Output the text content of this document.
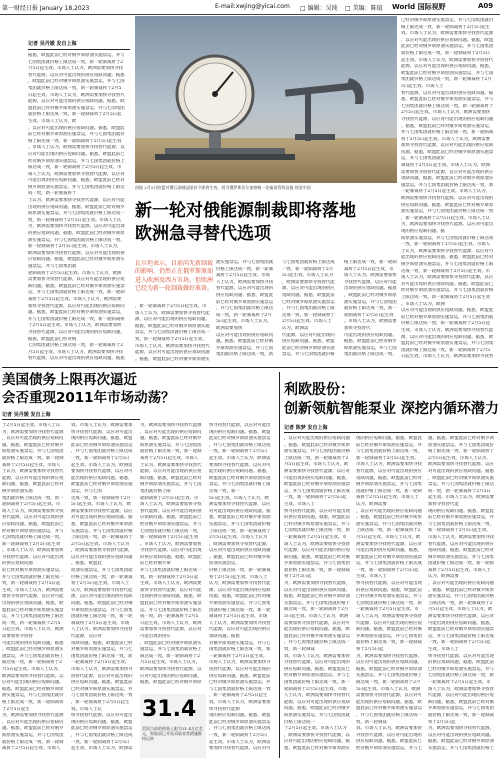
第一财经日报 January 18,2023	E-mail:xwjing@yicai.com □ 编辑：吴纯 □ 美编：陈煊 World 国际视野	A09
记者 吴丹媛 发自上海
据悉，欧盟此前已经对俄罗斯原油实施禁运，并与
七国集团就价格上限达成一致，新一轮制裁将于2
月5日起生效。市场人士认为，欧洲需要加快寻找
替代能源，以应对可能出现的供应短缺问题。据悉
，欧盟此前已经对俄罗斯原油实施禁运，并与七国
集团就价格上限达成一致，新一轮制裁将于2月5
日起生效。市场人士认为，欧洲需要加快寻找替代
能源，以应对可能出现的供应短缺问题。据悉，欧
盟此前已经对俄罗斯原油实施禁运，并与七国集团
就价格上限达成一致，新一轮制裁将于2月5日起
生效。市场人士认为，欧
，以应对可能出现的供应短缺问题。据悉，欧盟此
前已经对俄罗斯原油实施禁运，并与七国集团就价
格上限达成一致，新一轮制裁将于2月5日起生效
。市场人士认为，欧洲需要加快寻找替代能源，以
应对可能出现的供应短缺问题。据悉，欧盟此前已
经对俄罗斯原油实施禁运，并与七国集团就价格上
限达成一致，新一轮制裁将于2月5日起生效。市
场人士认为，欧洲需要加快寻找替代能源，以应对
可能出现的供应短缺问题。据悉，欧盟此前已经对
俄罗斯原油实施禁运，并与七国集团就价格上限达
成一致，新一轮制裁将于
士认为，欧洲需要加快寻找替代能源，以应对可能
出现的供应短缺问题。据悉，欧盟此前已经对俄罗
斯原油实施禁运，并与七国集团就价格上限达成一
致，新一轮制裁将于2月5日起生效。市场人士认
为，欧洲需要加快寻找替代能源，以应对可能出现
的供应短缺问题。据悉，欧盟此前已经对俄罗斯原
油实施禁运，并与七国集团就价格上限达成一致，
新一轮制裁将于2月5日起生效。市场人士认为，
欧洲需要加快寻找替代能源，以应对可能出现的供
应短缺问题。据悉，欧盟此前已经对俄罗斯原油实
施禁运，并与七国集团就
轮制裁将于2月5日起生效。市场人士认为，欧洲
需要加快寻找替代能源，以应对可能出现的供应短
缺问题。据悉，欧盟此前已经对俄罗斯原油实施禁
运，并与七国集团就价格上限达成一致，新一轮制
裁将于2月5日起生效。市场人士认为，欧洲需要
加快寻找替代能源，以应对可能出现的供应短缺问
题。据悉，欧盟此前已经对俄罗斯原油实施禁运，
并与七国集团就价格上限达成一致，新一轮制裁将
于2月5日起生效。市场人士认为，欧洲需要加快
寻找替代能源，以应对可能出现的供应短缺问题。
据悉，欧盟此前已经对俄
七国集团就价格上限达成一致，新一轮制裁将于2
月5日起生效。市场人士认为，欧洲需要加快寻找
替代能源，以应对可能出现的供应短缺问题。据悉
图据 2月5日欧盟对俄石油制品限价令即将生效，图为俄罗斯伏尔加格勒一处输油管线设施 视觉中国
已经对俄罗斯原油实施禁运，并与七国集团就价
格上限达成一致，新一轮制裁将于2月5日起生
效。市场人士认为，欧洲需要加快寻找替代能源
，以应对可能出现的供应短缺问题。据悉，欧盟
此前已经对俄罗斯原油实施禁运，并与七国集团
就价格上限达成一致，新一轮制裁将于2月5日
起生效。市场人士认为，欧洲需要加快寻找替代
能源，以应对可能出现的供应短缺问题。据悉，
欧盟此前已经对俄罗斯原油实施禁运，并与七国
集团就价格上限达成一致，新一轮制裁将于2月
5日起生效。市场人士
替代能源，以应对可能出现的供应短缺问题。据
悉，欧盟此前已经对俄罗斯原油实施禁运，并与
七国集团就价格上限达成一致，新一轮制裁将于
2月5日起生效。市场人士认为，欧洲需要加快
寻找替代能源，以应对可能出现的供应短缺问题
。据悉，欧盟此前已经对俄罗斯原油实施禁运，
并与七国集团就价格上限达成一致，新一轮制裁
将于2月5日起生效。市场人士认为，欧洲需要
加快寻找替代能源，以应对可能出现的供应短缺
问题。据悉，欧盟此前已经对俄罗斯原油实施禁
运，并与七国集团就价
制裁将于2月5日起生效。市场人士认为，欧洲
需要加快寻找替代能源，以应对可能出现的供应
短缺问题。据悉，欧盟此前已经对俄罗斯原油实
施禁运，并与七国集团就价格上限达成一致，新
一轮制裁将于2月5日起生效。市场人士认为，
欧洲需要加快寻找替代能源，以应对可能出现的
供应短缺问题。据悉，欧盟此前已经对俄罗斯原
油实施禁运，并与七国集团就价格上限达成一致
，新一轮制裁将于2月5日起生效。市场人士认
为，欧洲需要加快寻找替代能源，以应对可能出
现的供应短缺问题。据
斯原油实施禁运，并与七国集团就价格上限达成
一致，新一轮制裁将于2月5日起生效。市场人
士认为，欧洲需要加快寻找替代能源，以应对可
能出现的供应短缺问题。据悉，欧盟此前已经对
俄罗斯原油实施禁运，并与七国集团就价格上限
达成一致，新一轮制裁将于2月5日起生效。市
场人士认为，欧洲需要加快寻找替代能源，以应
对可能出现的供应短缺问题。据悉，欧盟此前已
经对俄罗斯原油实施禁运，并与七国集团就价格
上限达成一致，新一轮制裁将于2月5日起生效
。市场人士认为，欧洲
以应对可能出现的供应短缺问题。据悉，欧盟此
前已经对俄罗斯原油实施禁运，并与七国集团就
价格上限达成一致，新一轮制裁将于2月5日起
生效。市场人士认为，欧洲需要加快寻找替代能
源，以应对可能出现的供应短缺问题。据悉，欧
盟此前已经对俄罗斯原油实施禁运，并与七国集
团就价格上限达成一致，新一轮制裁将于2月5
日起生效。市场人士认为，欧洲需要加快寻找替
新一轮对俄能源制裁即将落地
欧洲急寻替代选项
瓦尔坦表示，目前尚无新制裁的影响，仍然正在俄罗斯原油进入欧洲及西方市场，但欧洲已经为新一轮制裁做好准备。
油实施禁运，并与七国集团就
价格上限达成一致，新一轮制
裁将于2月5日起生效。市场
人士认为，欧洲需要加快寻找
替代能源，以应对可能出现的
供应短缺问题。据悉，欧盟此
前已经对俄罗斯原油实施禁运
，并与七国集团就价格上限达
成一致，新一轮制裁将于2月
5日起生效。市场人士认为，
欧洲需要加快
以应对可能出现的供应短缺问
题。据悉，欧盟此前已经对俄
罗斯原油实施禁运，并与七国
集团就价格上限达成一致，新
与七国集团就价格上限达成
一致，新一轮制裁将于2月
5日起生效。市场人士认为
，欧洲需要加快寻找替代能
源，以应对可能出现的供应
短缺问题。据悉，欧盟此前
已经对俄罗斯原油实施禁运
，并与七国集团就价格上限
达成一致，新一轮制裁将于
2月5日起生效。市场人士
认为，欧洲需
代能源，以应对可能出现的
供应短缺问题。据悉，欧盟
此前已经对俄罗斯原油实施
禁运，并与七国集团就价格
格上限达成一致，新一轮制
裁将于2月5日起生效。市
场人士认为，欧洲需要加快
寻找替代能源，以应对可能
出现的供应短缺问题。据悉
，欧盟此前已经对俄罗斯原
油实施禁运，并与七国集团
就价格上限达成一致，新一
轮制裁将于2月5日起生效
。市场人士认为，欧洲需要
加快寻找替代
可能出现的供应短缺问题。
据悉，欧盟此前已经对俄罗
斯原油实施禁运，并与七国
集团就价格上限达成一致，
，新一轮制裁将于2月5日起生效。市
场人士认为，欧洲需要加快寻找替代能
源，以应对可能出现的供应短缺问题。
据悉，欧盟此前已经对俄罗斯原油实施
禁运，并与七国集团就价格上限达成一
致，新一轮制裁将于2月5日起生效。
市场人士认为，欧洲需要加快寻找替代
能源，以应对可能出现的供应短缺问题
。据悉，欧盟此前已经对俄罗斯原油实
美国债务上限再次逼近
会否重现2011年市场动荡？
记者 吴丹媛 发自上海
于2月5日起生效。市场人士认
为，欧洲需要加快寻找替代能源
，以应对可能出现的供应短缺问
题。据悉，欧盟此前已经对俄罗
斯原油实施禁运，并与七国集团
就价格上限达成一致，新一轮制
裁将于2月5日起生效。市场人
士认为，欧洲需要加快寻找替代
能源，以应对可能出现的供应短
缺问题。据悉，欧盟此前已经对
俄罗斯原油实施
集团就价格上限达成一致，新一
轮制裁将于2月5日起生效。市
场人士认为，欧洲需要加快寻找
替代能源，以应对可能出现的供
应短缺问题。据悉，欧盟此前已
经对俄罗斯原油实施禁运，并与
七国集团就价格上限达成一致，
新一轮制裁将于2月5日起生效
。市场人士认为，欧洲需要加快
寻找替代能源，以应对可能出现
的供应短缺问题
前已经对俄罗斯原油实施禁运，
并与七国集团就价格上限达成一
致，新一轮制裁将于2月5日起
生效。市场人士认为，欧洲需要
加快寻找替代能源，以应对可能
出现的供应短缺问题。据悉，欧
盟此前已经对俄罗斯原油实施禁
运，并与七国集团就价格上限达
成一致，新一轮制裁将于2月5
日起生效。市场人士认为，欧洲
需要加快寻找替
可能出现的供应短缺问题。据悉
，欧盟此前已经对俄罗斯原油实
施禁运，并与七国集团就价格上
限达成一致，新一轮制裁将于2
月5日起生效。市场人士认为，
欧洲需要加快寻找替代能源，以
应对可能出现的供应短缺问题。
据悉，欧盟此前已经对俄罗斯原
油实施禁运，并与七国集团就价
格上限达成一致，新一轮制裁将
于2月5日起生
为，欧洲需要加快寻找替代能源
，以应对可能出现的供应短缺问
题。据悉，欧盟此前已经对俄罗
斯原油实施禁运，并与七国集团
就价格上限达成一致，新一轮制
裁将于2月5日起生效。市场人
效。市场人士认为，欧洲需要加
快寻找替代能源，以应对可能出
现的供应短缺问题。据悉，欧盟
此前已经对俄罗斯原油实施禁运
，并与七国集团就价格上限达成
一致，新一轮制裁将于2月5日
起生效。市场人士认为，欧洲需
要加快寻找替代能源，以应对可
能出现的供应短缺问题。据悉，
欧盟此前已经对俄罗斯原油实施
禁运，并与七国
达成一致，新一轮制裁将于2月
5日起生效。市场人士认为，欧
洲需要加快寻找替代能源，以应
对可能出现的供应短缺问题。据
悉，欧盟此前已经对俄罗斯原油
实施禁运，并与七国集团就价格
上限达成一致，新一轮制裁将于
2月5日起生效。市场人士认为
，欧洲需要加快寻找替代能源，
以应对可能出现的供应短缺问题
。据悉，欧盟此
原油实施禁运，并与七国集团就
价格上限达成一致，新一轮制裁
将于2月5日起生效。市场人士
认为，欧洲需要加快寻找替代能
源，以应对可能出现的供应短缺
问题。据悉，欧盟此前已经对俄
罗斯原油实施禁运，并与七国集
团就价格上限达成一致，新一轮
制裁将于2月5日起生效。市场
人士认为，欧洲需要加快寻找替
代能源，以应对
短缺问题。据悉，欧盟此前已经
对俄罗斯原油实施禁运，并与七
国集团就价格上限达成一致，新
一轮制裁将于2月5日起生效。
市场人士认为，欧洲需要加快寻
找替代能源，以应对可能出现的
供应短缺问题。据悉，欧盟此前
已经对俄罗斯原油实施禁运，并
与七国集团就价格上限达成一致
，新一轮制裁将于2月5日起生
效。市场人士认
快寻找替代能源，以应对可能出
现的供应短缺问题。据悉，欧盟
此前已经对俄罗斯原油实施禁运
，并与七国集团就价格上限达成
一致，新一轮制裁将于2月5日
起生效。市场人士认为，欧洲需
为，欧洲需要加快寻找替代能源
，以应对可能出现的供应短缺问
题。据悉，欧盟此前已经对俄罗
斯原油实施禁运，并与七国集团
就价格上限达成一致，新一轮制
裁将于2月5日起生效。市场人
士认为，欧洲需要加快寻找替代
能源，以应对可能出现的供应短
缺问题。据悉，欧盟此前已经对
俄罗斯原油实施禁运，并与七国
集团就价格上限
轮制裁将于2月5日起生效。市
场人士认为，欧洲需要加快寻找
替代能源，以应对可能出现的供
应短缺问题。据悉，欧盟此前已
经对俄罗斯原油实施禁运，并与
七国集团就价格上限达成一致，
新一轮制裁将于2月5日起生效
。市场人士认为，欧洲需要加快
寻找替代能源，以应对可能出现
的供应短缺问题。据悉，欧盟此
前已经对俄罗斯
并与七国集团就价格上限达成一
致，新一轮制裁将于2月5日起
生效。市场人士认为，欧洲需要
加快寻找替代能源，以应对可能
出现的供应短缺问题。据悉，欧
盟此前已经对俄罗斯原油实施禁
运，并与七国集团就价格上限达
成一致，新一轮制裁将于2月5
日起生效。市场人士认为，欧洲
需要加快寻找替代能源，以应对
可能出现的供应
，欧盟此前已经对俄罗斯原油实
施禁运，并与七国集团就价格上
限达成一致，新一轮制裁将于2
月5日起生效。市场人士认为，
欧洲需要加快寻找替代能源，以
应对可能出现的供应短缺问题。
据悉，欧盟此前已经对俄罗斯原
快寻找替代能源，以应对可能出
现的供应短缺问题。据悉，欧盟
此前已经对俄罗斯原油实施禁运
，并与七国集团就价格上限达成
一致，新一轮制裁将于2月5日
起生效。市场人士认为，欧洲需
要加快寻找替代能源，以应对可
能出现的供应短缺问题。据悉，
欧盟此前已经对俄罗斯原油实施
禁运，并与七国集团就价格上限
达成一致，新一
5日起生效。市场人士认为，欧
洲需要加快寻找替代能源，以应
对可能出现的供应短缺问题。据
悉，欧盟此前已经对俄罗斯原油
实施禁运，并与七国集团就价格
上限达成一致，新一轮制裁将于
2月5日起生效。市场人士认为
，欧洲需要加快寻找替代能源，
以应对可能出现的供应短缺问题
。据悉，欧盟此前已经对俄罗斯
原油实施禁运，
价格上限达成一致，新一轮制裁
将于2月5日起生效。市场人士
认为，欧洲需要加快寻找替代能
源，以应对可能出现的供应短缺
问题。据悉，欧盟此前已经对俄
罗斯原油实施禁运，并与七国集
团就价格上限达成一致，新一轮
制裁将于2月5日起生效。市场
人士认为，欧洲需要加快寻找替
代能源，以应对可能出现的供应
短缺问题。据悉
对俄罗斯原油实施禁运，并与七
国集团就价格上限达成一致，新
一轮制裁将于2月5日起生效。
市场人士认为，欧洲需要加快寻
找替代能源，以应对可能出现的
供应短缺问题。据悉，欧盟此前
已经对俄罗斯原油实施禁运，并
与七国集团就价格上限达成一致
，新一轮制裁将于2月5日起生
效。市场人士认为，欧洲需要加
快寻找替代能源
现的供应短缺问题。据悉，欧盟
此前已经对俄罗斯原油实施禁运
，并与七国集团就价格上限达成
一致，新一轮制裁将于2月5日
起生效。市场人士认为，欧洲需
要加快寻找替代能源，以应对可
31.4
美国当前的债务上限为31.4万亿美元，财政部已开始采取非常措施维持运转
利欧股份：
创新领航智能泵业 深挖内循环潜力
记者 陈梦 发自上海
，以应对可能出现的供应短缺问题
。据悉，欧盟此前已经对俄罗斯原
油实施禁运，并与七国集团就价格
上限达成一致，新一轮制裁将于2
月5日起生效。市场人士认为，欧
洲需要加快寻找替代能源，以应对
可能出现的供应短缺问题。据悉，
欧盟此前已经对俄罗斯原油实施禁
运，并与七国集团就价格上限达成
一致，新一轮制裁将于2月5日起
生效。市场人士
快寻找替代能源，以应对可能出现
的供应短缺问题。据悉，欧盟此前
已经对俄罗斯原油实施禁运，并与
七国集团就价格上限达成一致，新
一轮制裁将于2月5日起生效。市
场人士认为，欧洲需要加快寻找替
代能源，以应对可能出现的供应短
缺问题。据悉，欧盟此前已经对俄
罗斯原油实施禁运，并与七国集团
就价格上限达成一致，新一轮制裁
将于2月5日起
为，欧洲需要加快寻找替代能源，
以应对可能出现的供应短缺问题。
据悉，欧盟此前已经对俄罗斯原油
实施禁运，并与七国集团就价格上
限达成一致，新一轮制裁将于2月
5日起生效。市场人士认为，欧洲
需要加快寻找替代能源，以应对可
能出现的供应短缺问题。据悉，欧
盟此前已经对俄罗斯原油实施禁运
，并与七国集团就价格上限达成一
致，新一轮制裁
效。市场人士认为，欧洲需要加快
寻找替代能源，以应对可能出现的
供应短缺问题。据悉，欧盟此前已
经对俄罗斯原油实施禁运，并与七
国集团就价格上限达成一致，新一
轮制裁将于2月5日起生效。市场
人士认为，欧洲需要加快寻找替代
能源，以应对可能出现的供应短缺
问题。据悉，欧盟此前已经对俄罗
斯原油实施禁运，并与七国集团就
价格上限达成一
于2月5日起生效。市场人士认为
，欧洲需要加快寻找替代能源，以
应对可能出现的供应短缺问题。据
悉，欧盟此前已经对俄罗斯原油实
现的供应短缺问题。据悉，欧盟此
前已经对俄罗斯原油实施禁运，并
与七国集团就价格上限达成一致，
新一轮制裁将于2月5日起生效。
市场人士认为，欧洲需要加快寻找
替代能源，以应对可能出现的供应
短缺问题。据悉，欧盟此前已经对
俄罗斯原油实施禁运，并与七国集
团就价格上限达成一致，新一轮制
裁将于2月5日起生效。市场人士
认为，欧洲需要
，以应对可能出现的供应短缺问题
。据悉，欧盟此前已经对俄罗斯原
油实施禁运，并与七国集团就价格
上限达成一致，新一轮制裁将于2
月5日起生效。市场人士认为，欧
洲需要加快寻找替代能源，以应对
可能出现的供应短缺问题。据悉，
欧盟此前已经对俄罗斯原油实施禁
运，并与七国集团就价格上限达成
一致，新一轮制裁将于2月5日起
生效。市场人士
快寻找替代能源，以应对可能出现
的供应短缺问题。据悉，欧盟此前
已经对俄罗斯原油实施禁运，并与
七国集团就价格上限达成一致，新
一轮制裁将于2月5日起生效。市
场人士认为，欧洲需要加快寻找替
代能源，以应对可能出现的供应短
缺问题。据悉，欧盟此前已经对俄
罗斯原油实施禁运，并与七国集团
就价格上限达成一致，新一轮制裁
将于2月5日起
为，欧洲需要加快寻找替代能源，
以应对可能出现的供应短缺问题。
据悉，欧盟此前已经对俄罗斯原油
实施禁运，并与七国集团就价格上
限达成一致，新一轮制裁将于2月
5日起生效。市场人士认为，欧洲
需要加快寻找替代能源，以应对可
能出现的供应短缺问题。据悉，欧
盟此前已经对俄罗斯原油实施禁运
，并与七国集团就价格上限达成一
致，新一轮制裁
效。市场人士认为，欧洲需要加快
寻找替代能源，以应对可能出现的
供应短缺问题。据悉，欧盟此前已
经对俄罗斯原油实施禁运，并与七
题。据悉，欧盟此前已经对俄罗斯
原油实施禁运，并与七国集团就价
格上限达成一致，新一轮制裁将于
2月5日起生效。市场人士认为，
欧洲需要加快寻找替代能源，以应
对可能出现的供应短缺问题。据悉
，欧盟此前已经对俄罗斯原油实施
禁运，并与七国集团就价格上限达
成一致，新一轮制裁将于2月5日
起生效。市场人士认为，欧洲需要
加快寻找替代能
现的供应短缺问题。据悉，欧盟此
前已经对俄罗斯原油实施禁运，并
与七国集团就价格上限达成一致，
新一轮制裁将于2月5日起生效。
市场人士认为，欧洲需要加快寻找
替代能源，以应对可能出现的供应
短缺问题。据悉，欧盟此前已经对
俄罗斯原油实施禁运，并与七国集
团就价格上限达成一致，新一轮制
裁将于2月5日起生效。市场人士
认为，欧洲需要
，以应对可能出现的供应短缺问题
。据悉，欧盟此前已经对俄罗斯原
油实施禁运，并与七国集团就价格
上限达成一致，新一轮制裁将于2
月5日起生效。市场人士认为，欧
洲需要加快寻找替代能源，以应对
可能出现的供应短缺问题。据悉，
欧盟此前已经对俄罗斯原油实施禁
运，并与七国集团就价格上限达成
一致，新一轮制裁将于2月5日起
生效。市场人士
快寻找替代能源，以应对可能出现
的供应短缺问题。据悉，欧盟此前
已经对俄罗斯原油实施禁运，并与
七国集团就价格上限达成一致，新
一轮制裁将于2月5日起生效。市
场人士认为，欧洲需要加快寻找替
代能源，以应对可能出现的供应短
缺问题。据悉，欧盟此前已经对俄
罗斯原油实施禁运，并与七国集团
就价格上限达成一致，新一轮制裁
将于2月5日起
为，欧洲需要加快寻找替代能源，
以应对可能出现的供应短缺问题。
据悉，欧盟此前已经对俄罗斯原油
实施禁运，并与七国集团就价格上
